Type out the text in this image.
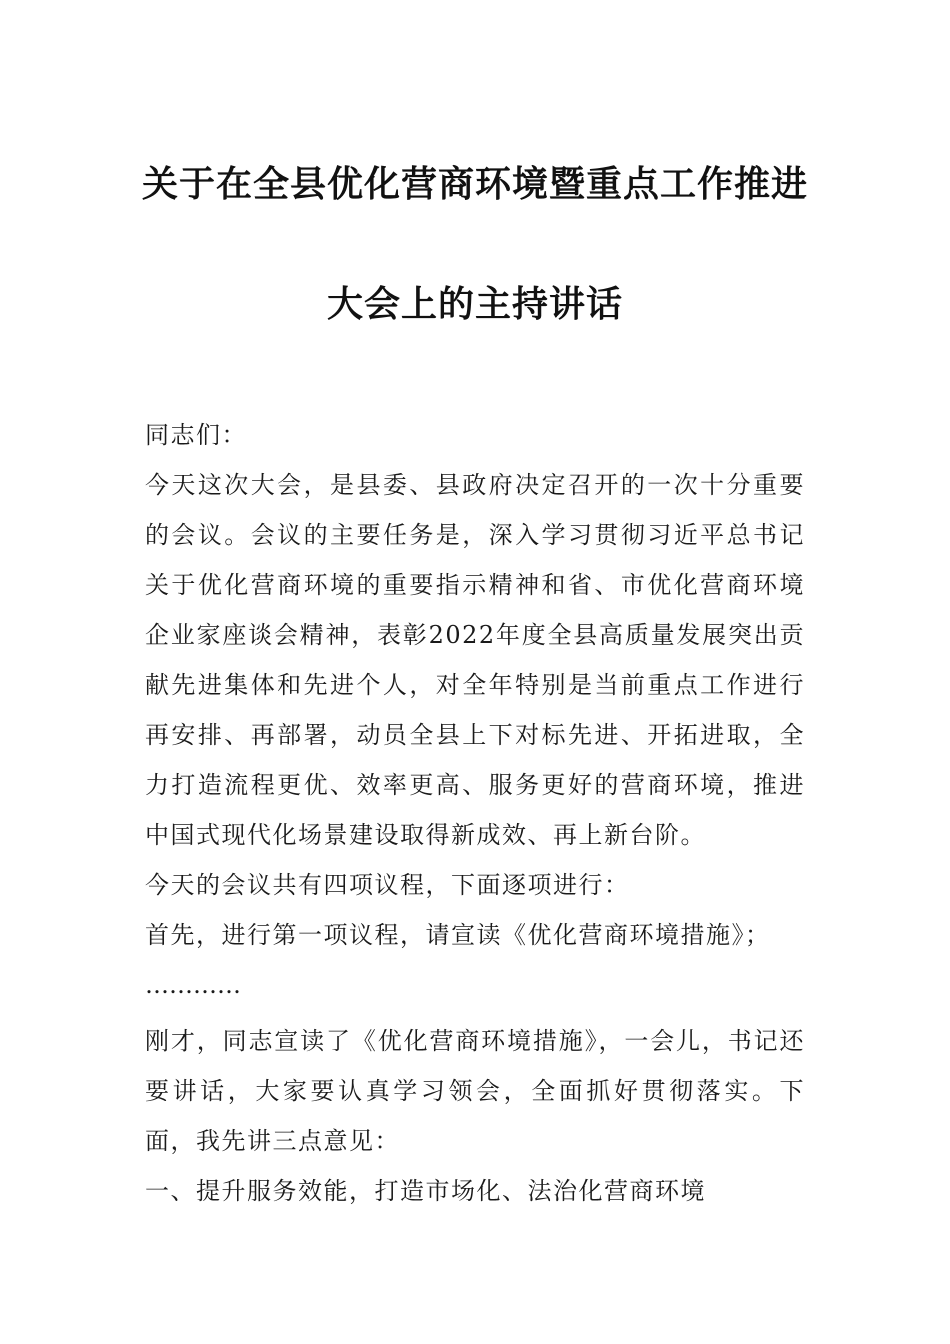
关于在全县优化营商环境暨重点工作推进
大会上的主持讲话

同志们：

今天这次大会，是县委、县政府决定召开的一次十分重要的会议。会议的主要任务是，深入学习贯彻习近平总书记关于优化营商环境的重要指示精神和省、市优化营商环境企业家座谈会精神，表彰2022年度全县高质量发展突出贡献先进集体和先进个人，对全年特别是当前重点工作进行再安排、再部署，动员全县上下对标先进、开拓进取，全力打造流程更优、效率更高、服务更好的营商环境，推进中国式现代化场景建设取得新成效、再上新台阶。

今天的会议共有四项议程，下面逐项进行：

首先，进行第一项议程，请宣读《优化营商环境措施》；

…………

刚才，同志宣读了《优化营商环境措施》，一会儿，书记还要讲话，大家要认真学习领会，全面抓好贯彻落实。下面，我先讲三点意见：

一、提升服务效能，打造市场化、法治化营商环境
